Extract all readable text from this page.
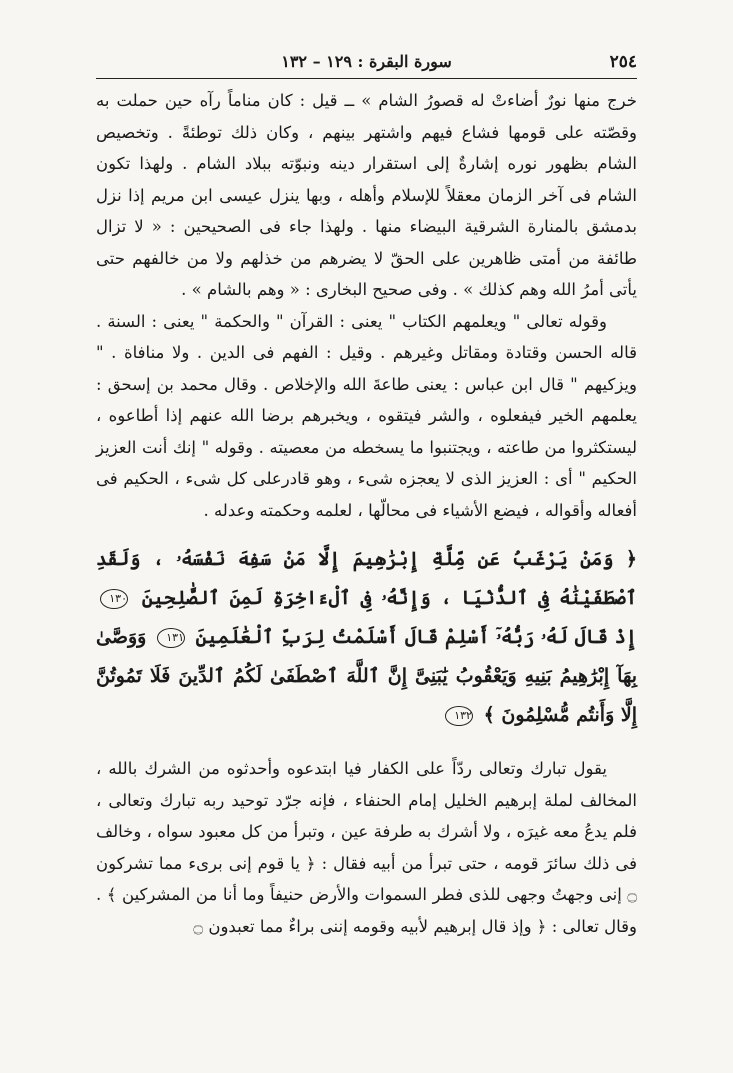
٢٥٤
سورة البقرة : ١٢٩ – ١٣٢

خرج منها نورٌ أضاءتْ له قصورُ الشام » ــ قيل : كان مناماً رآه حين حملت به وقصّته على قومها فشاع فيهم واشتهر بينهم ، وكان ذلك توطئةً . وتخصيص الشام بظهور نوره إشارةٌ إلى استقرار دينه ونبوّته ببلاد الشام . ولهذا تكون الشام فى آخر الزمان معقلاً للإسلام وأهله ، وبها ينزل عيسى ابن مريم إذا نزل بدمشق بالمنارة الشرقية البيضاء منها . ولهذا جاء فى الصحيحين : « لا تزال طائفة من أمتى ظاهرين على الحقّ لا يضرهم من خذلهم ولا من خالفهم حتى يأتى أمرُ الله وهم كذلك » . وفى صحيح البخارى : « وهم بالشام » .

وقوله تعالى " ويعلمهم الكتاب " يعنى : القرآن " والحكمة " يعنى : السنة . قاله الحسن وقتادة ومقاتل وغيرهم . وقيل : الفهم فى الدين . ولا منافاة . " ويزكيهم " قال ابن عباس : يعنى طاعةَ الله والإخلاص . وقال محمد بن إسحق : يعلمهم الخير فيفعلوه ، والشر فيتقوه ، ويخبرهم برضا الله عنهم إذا أطاعوه ، ليستكثروا من طاعته ، ويجتنبوا ما يسخطه من معصيته . وقوله " إنك أنت العزيز الحكيم " أى : العزيز الذى لا يعجزه شىء ، وهو قادرعلى كل شىء ، الحكيم فى أفعاله وأقواله ، فيضع الأشياء فى محالّها ، لعلمه وحكمته وعدله .

﴿ وَمَنْ يَرْغَبُ عَن مِّلَّةِ إِبْرَٰهِيمَ إِلَّا مَنْ سَفِهَ نَفْسَهُۥ ، وَلَقَدِ ٱصْطَفَيْنَٰهُ فِى ٱلدُّنْيَا ، وَإِنَّهُۥ فِى ٱلْءَاخِرَةِ لَمِنَ ٱلصَّٰلِحِينَ ١٣٠ إِذْ قَالَ لَهُۥ رَبُّهُۥٓ أَسْلِمْ قَالَ أَسْلَمْتُ لِرَبِّ ٱلْعَٰلَمِينَ ١٣١ وَوَصَّىٰ بِهَآ إِبْرَٰهِيمُ بَنِيهِ وَيَعْقُوبُ يَٰبَنِىَّ إِنَّ ٱللَّهَ ٱصْطَفَىٰ لَكُمُ ٱلدِّينَ فَلَا تَمُوتُنَّ إِلَّا وَأَنتُم مُّسْلِمُونَ ﴾ ١٣٢

يقول تبارك وتعالى ردّاً على الكفار فيا ابتدعوه وأحدثوه من الشرك بالله ، المخالف لملة إبرهيم الخليل إمام الحنفاء ، فإنه جرّد توحيد ربه تبارك وتعالى ، فلم يدعُ معه غيرَه ، ولا أشرك به طرفة عين ، وتبرأ من كل معبود سواه ، وخالف فى ذلك سائرَ قومه ، حتى تبرأ من أبيه فقال : ﴿ يا قوم إنى برىء مما تشركون ۝ إنى وجهتُ وجهى للذى فطر السموات والأرض حنيفاً وما أنا من المشركين ﴾ . وقال تعالى : ﴿ وإذ قال إبرهيم لأبيه وقومه إننى براءٌ مما تعبدون ۝
